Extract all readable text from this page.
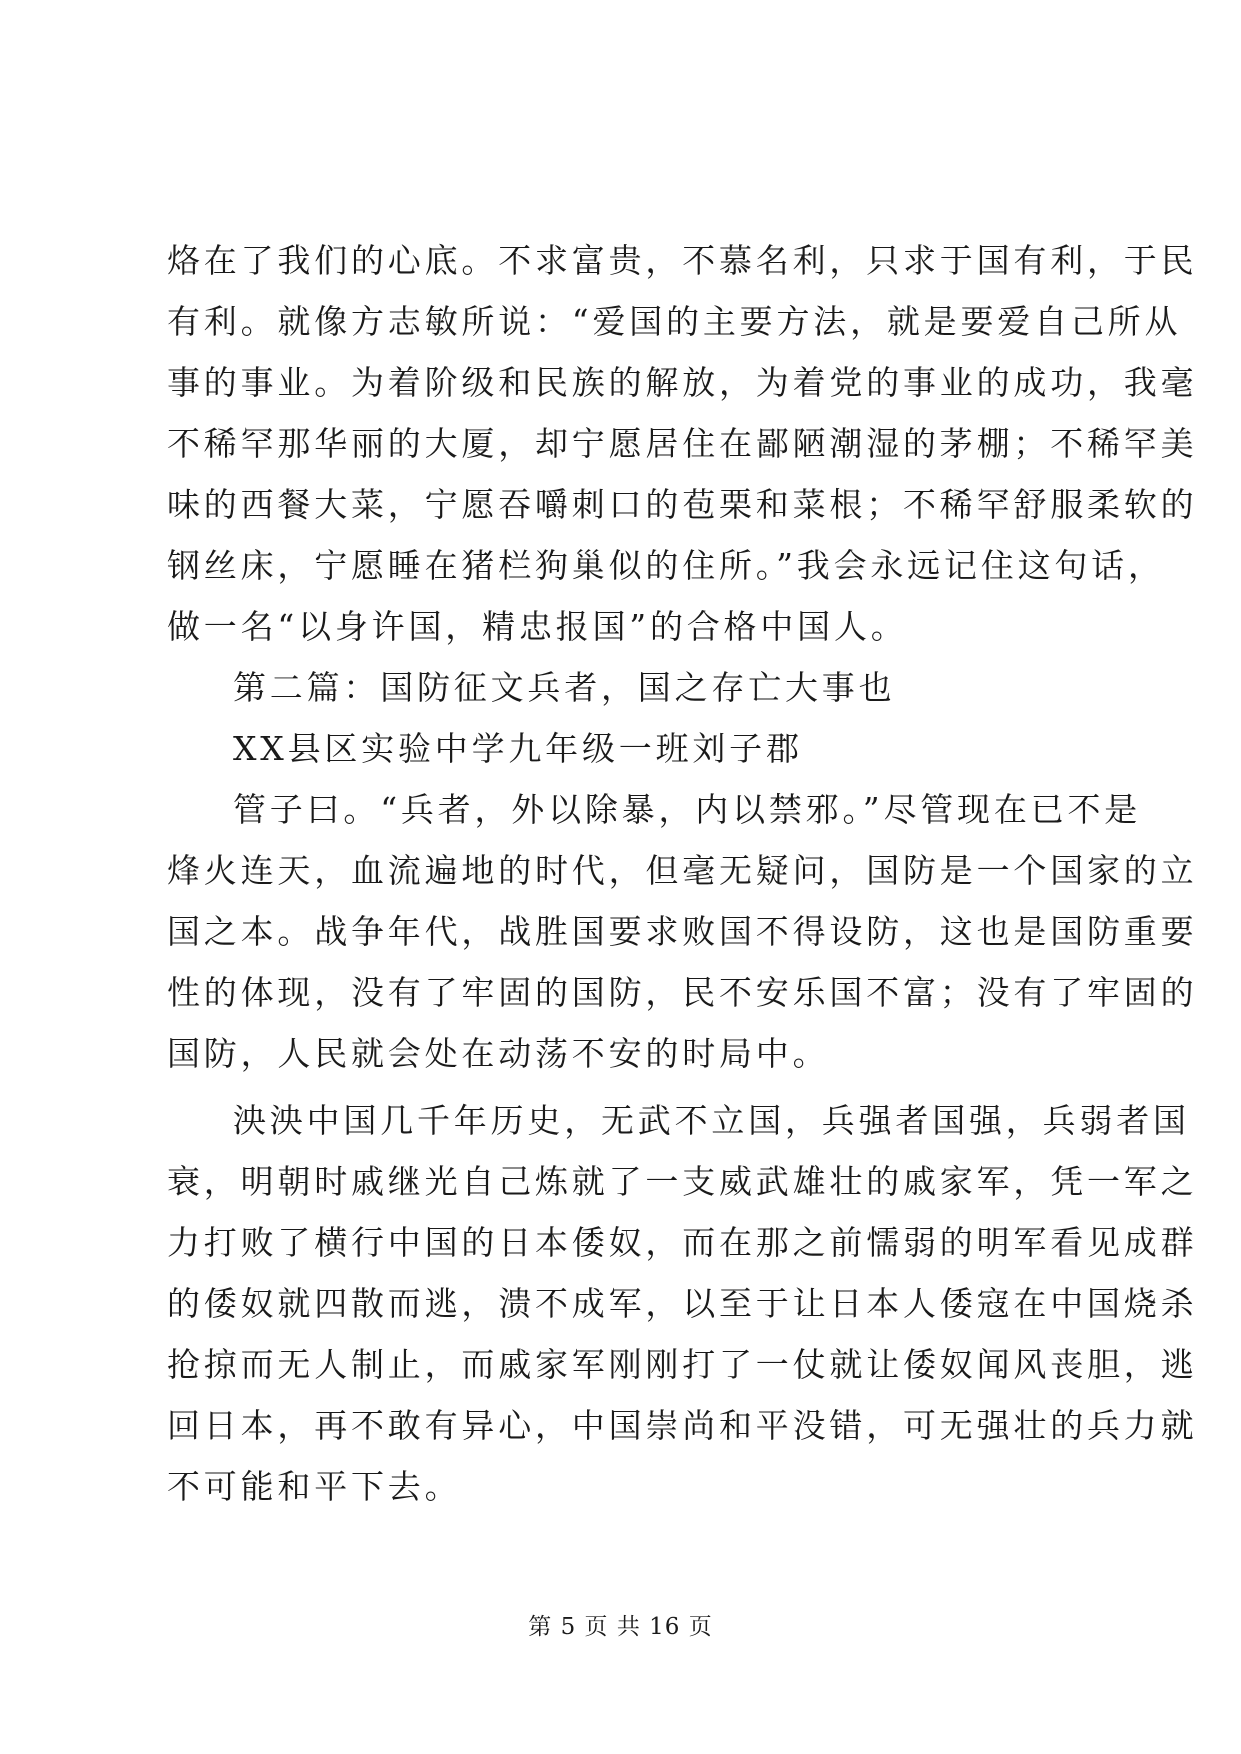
烙在了我们的心底。不求富贵，不慕名利，只求于国有利，于民
有利。就像方志敏所说：“爱国的主要方法，就是要爱自己所从
事的事业。为着阶级和民族的解放，为着党的事业的成功，我毫
不稀罕那华丽的大厦，却宁愿居住在鄙陋潮湿的茅棚；不稀罕美
味的西餐大菜，宁愿吞嚼刺口的苞栗和菜根；不稀罕舒服柔软的
钢丝床，宁愿睡在猪栏狗巢似的住所。”我会永远记住这句话，
做一名“以身许国，精忠报国”的合格中国人。

第二篇：国防征文兵者，国之存亡大事也

XX县区实验中学九年级一班刘子郡

管子曰。“兵者，外以除暴，内以禁邪。”尽管现在已不是
烽火连天，血流遍地的时代，但毫无疑问，国防是一个国家的立
国之本。战争年代，战胜国要求败国不得设防，这也是国防重要
性的体现，没有了牢固的国防，民不安乐国不富；没有了牢固的
国防，人民就会处在动荡不安的时局中。

泱泱中国几千年历史，无武不立国，兵强者国强，兵弱者国
衰，明朝时戚继光自己炼就了一支威武雄壮的戚家军，凭一军之
力打败了横行中国的日本倭奴，而在那之前懦弱的明军看见成群
的倭奴就四散而逃，溃不成军，以至于让日本人倭寇在中国烧杀
抢掠而无人制止，而戚家军刚刚打了一仗就让倭奴闻风丧胆，逃
回日本，再不敢有异心，中国崇尚和平没错，可无强壮的兵力就
不可能和平下去。

第 5 页 共 16 页
